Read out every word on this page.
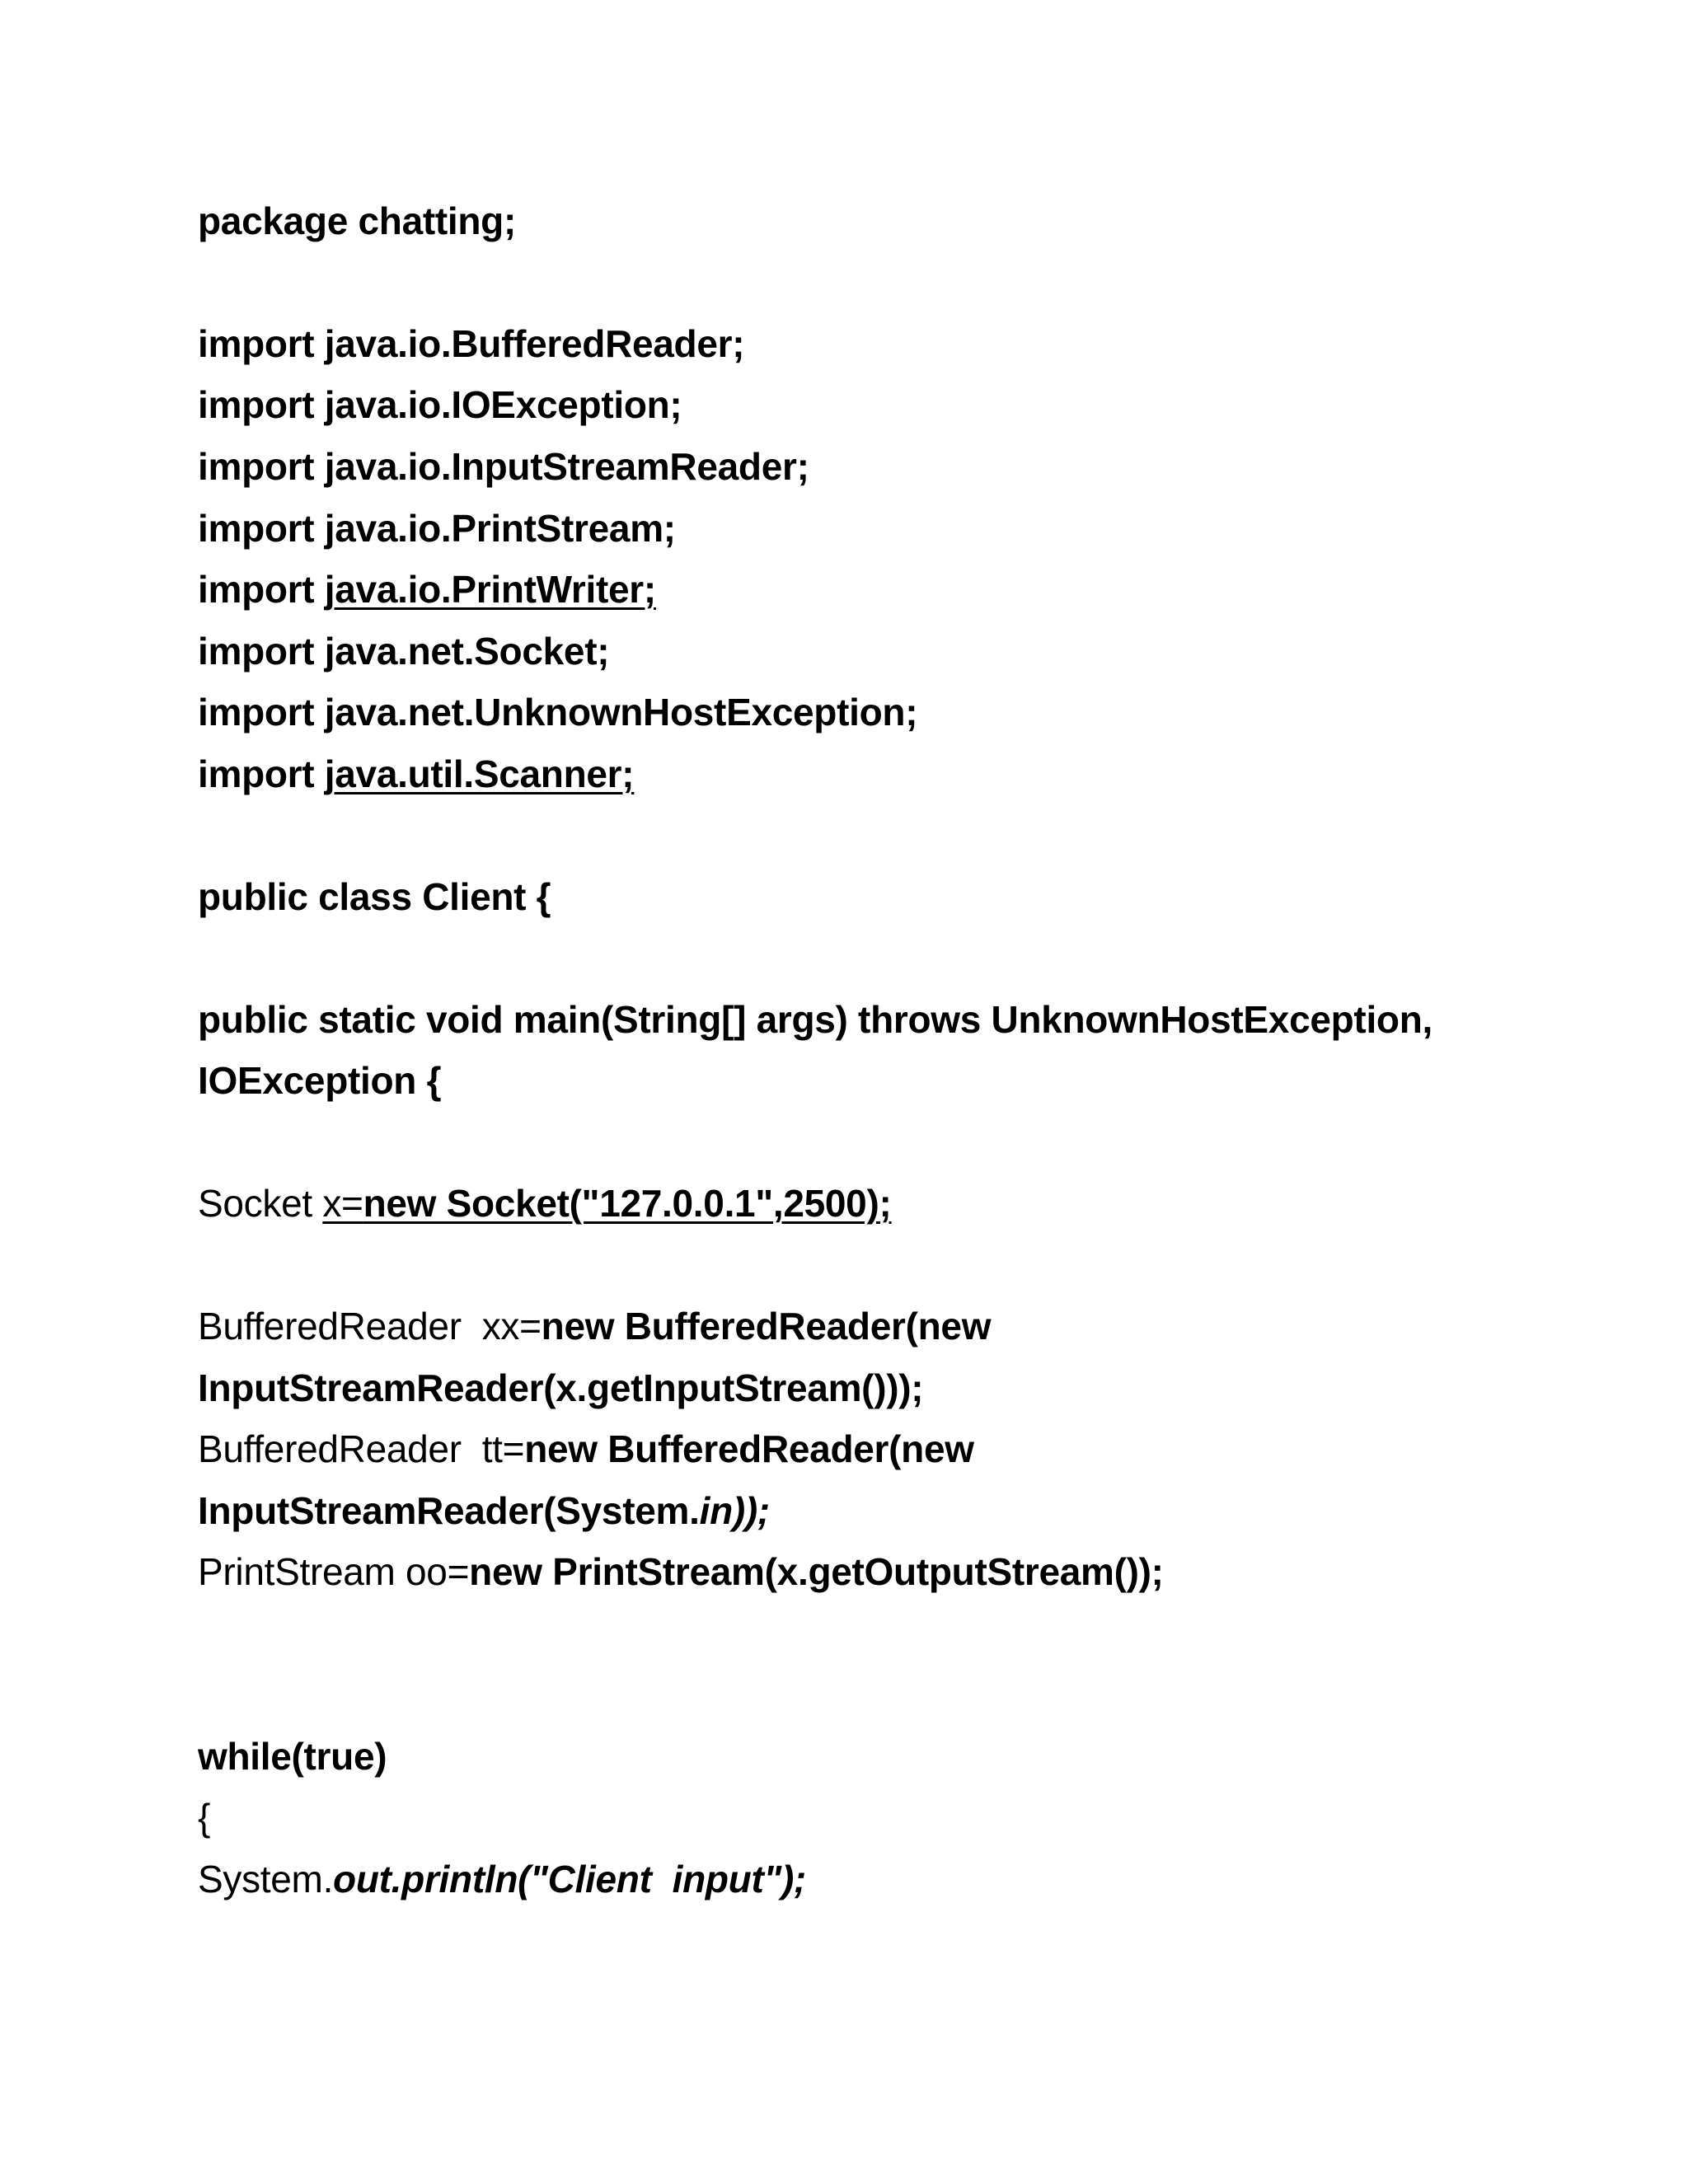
package chatting;
import java.io.BufferedReader;
import java.io.IOException;
import java.io.InputStreamReader;
import java.io.PrintStream;
import java.io.PrintWriter;
import java.net.Socket;
import java.net.UnknownHostException;
import java.util.Scanner;
public class Client {
public static void main(String[] args) throws UnknownHostException,
IOException {
Socket x=new Socket("127.0.0.1",2500);
BufferedReader  xx=new BufferedReader(new
InputStreamReader(x.getInputStream()));
BufferedReader  tt=new BufferedReader(new
InputStreamReader(System.in));
PrintStream oo=new PrintStream(x.getOutputStream());
while(true)
{
System.out.println("Client  input");
